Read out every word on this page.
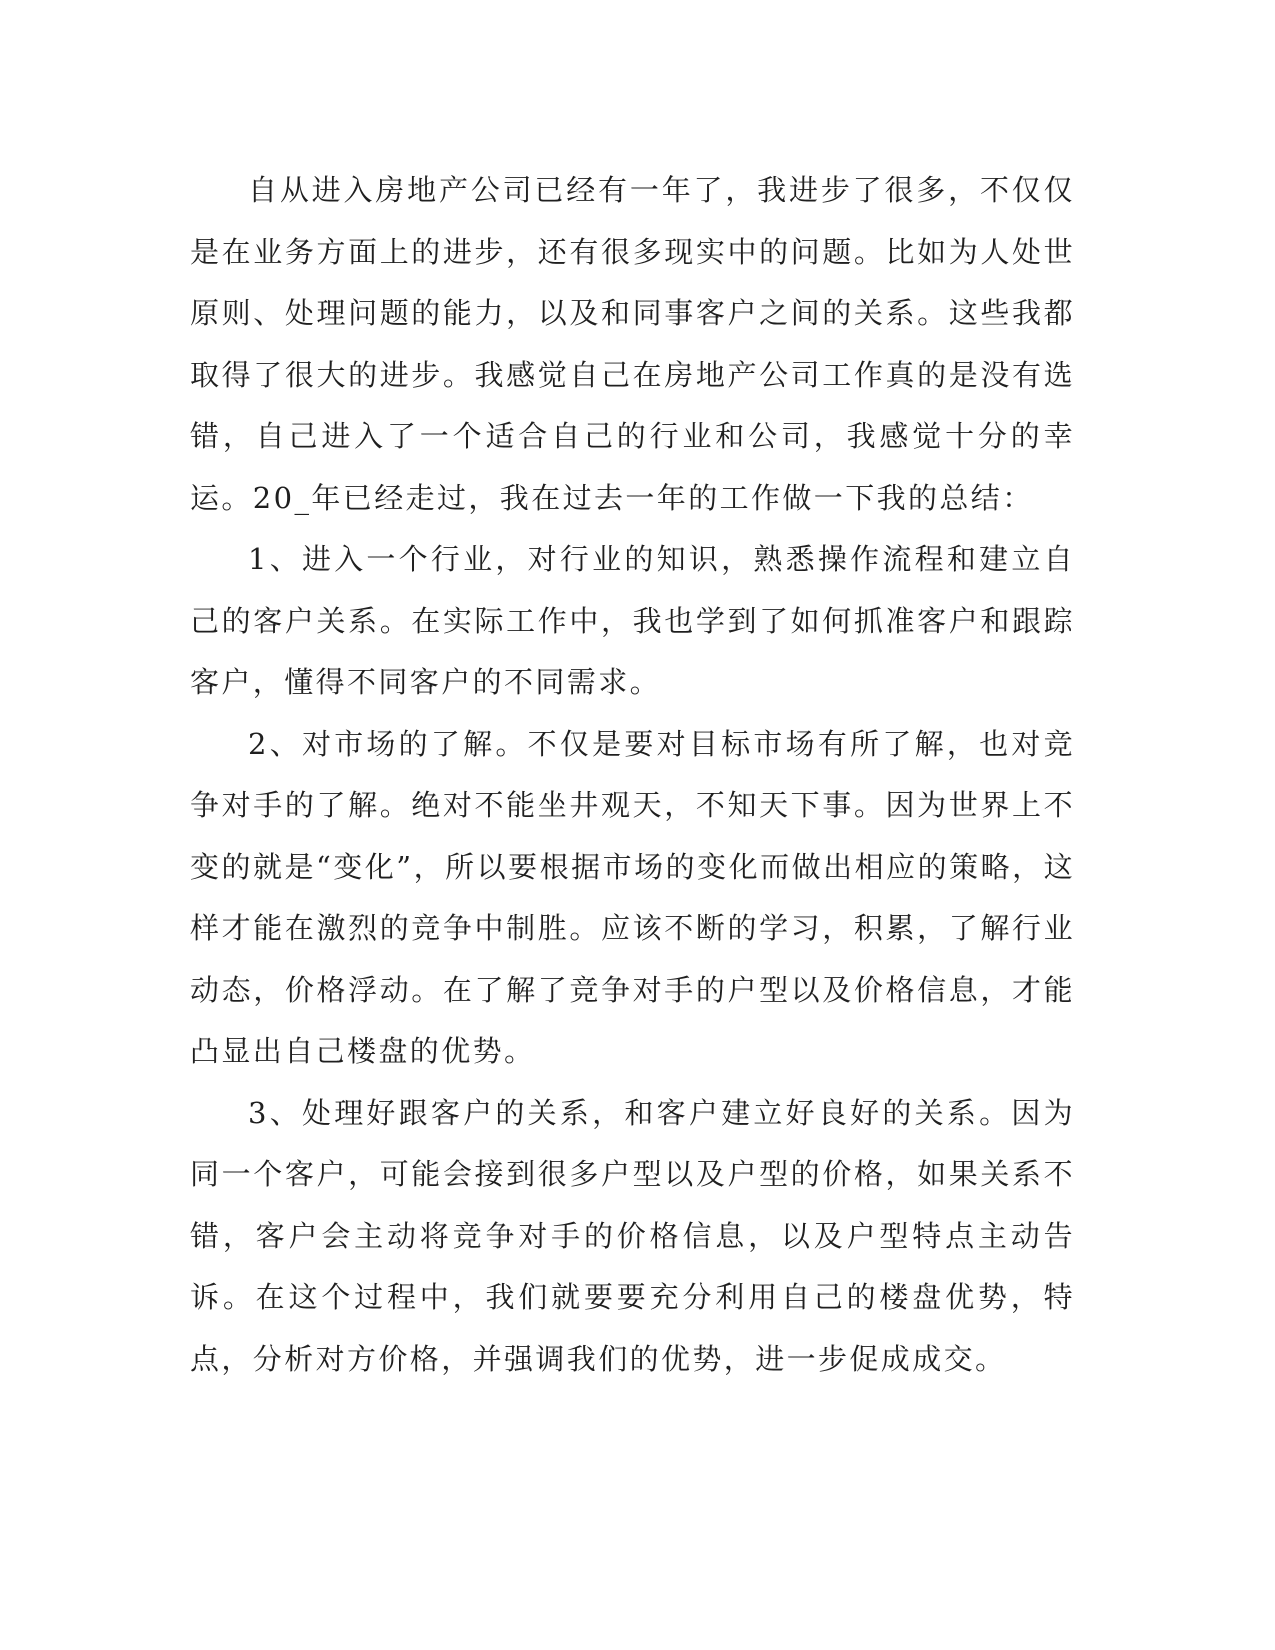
自从进入房地产公司已经有一年了，我进步了很多，不仅仅是在业务方面上的进步，还有很多现实中的问题。比如为人处世原则、处理问题的能力，以及和同事客户之间的关系。这些我都取得了很大的进步。我感觉自己在房地产公司工作真的是没有选错，自己进入了一个适合自己的行业和公司，我感觉十分的幸运。20_年已经走过，我在过去一年的工作做一下我的总结：

1、进入一个行业，对行业的知识，熟悉操作流程和建立自己的客户关系。在实际工作中，我也学到了如何抓准客户和跟踪客户，懂得不同客户的不同需求。

2、对市场的了解。不仅是要对目标市场有所了解，也对竞争对手的了解。绝对不能坐井观天，不知天下事。因为世界上不变的就是“变化”，所以要根据市场的变化而做出相应的策略，这样才能在激烈的竞争中制胜。应该不断的学习，积累，了解行业动态，价格浮动。在了解了竞争对手的户型以及价格信息，才能凸显出自己楼盘的优势。

3、处理好跟客户的关系，和客户建立好良好的关系。因为同一个客户，可能会接到很多户型以及户型的价格，如果关系不错，客户会主动将竞争对手的价格信息，以及户型特点主动告诉。在这个过程中，我们就要要充分利用自己的楼盘优势，特点，分析对方价格，并强调我们的优势，进一步促成成交。
